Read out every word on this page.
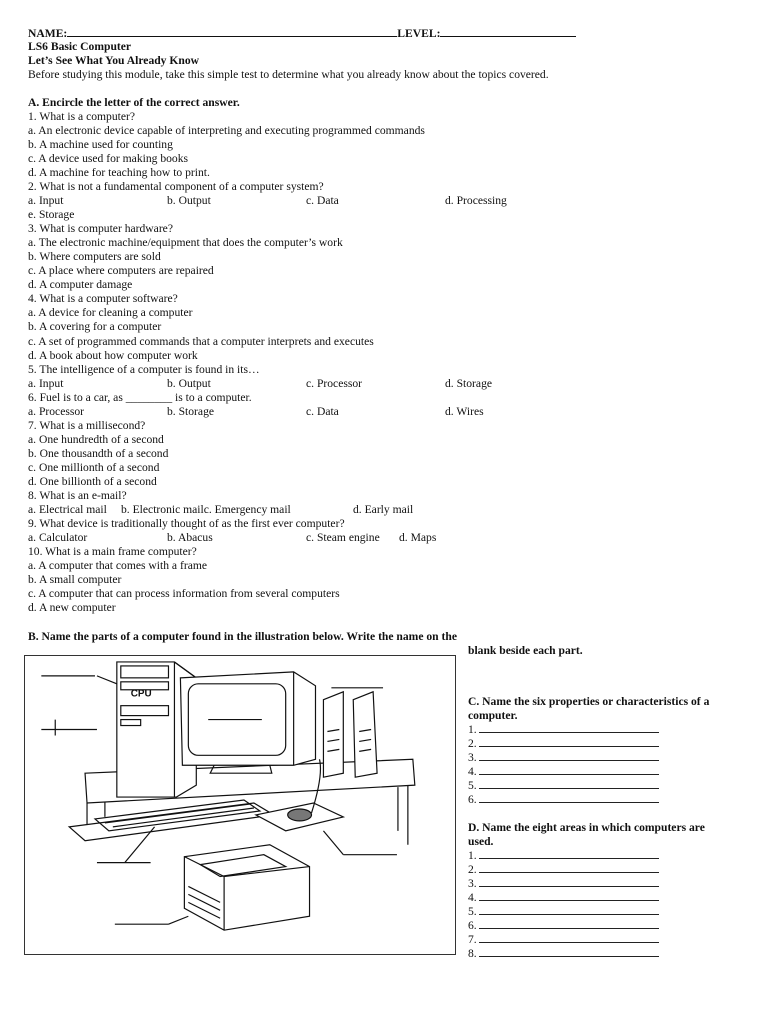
NAME:	LEVEL:
LS6 Basic Computer
Let’s See What You Already Know
Before studying this module, take this simple test to determine what you already know about the topics covered.
A. Encircle the letter of the correct answer.
1. What is a computer?
a. An electronic device capable of interpreting and executing programmed commands
b. A machine used for counting
c. A device used for making books
d. A machine for teaching how to print.
2. What is not a fundamental component of a computer system?
a. Input	b. Output	c. Data	d. Processing
e. Storage
3. What is computer hardware?
a. The electronic machine/equipment that does the computer’s work
b. Where computers are sold
c. A place where computers are repaired
d. A computer damage
4. What is a computer software?
a. A device for cleaning a computer
b. A covering for a computer
c. A set of programmed commands that a computer interprets and executes
d. A book about how computer work
5. The intelligence of a computer is found in its…
a. Input	b. Output	c. Processor	d. Storage
6. Fuel is to a car, as ________ is to a computer.
a. Processor	b. Storage	c. Data	d. Wires
7. What is a millisecond?
a. One hundredth of a second
b. One thousandth of a second
c. One millionth of a second
d. One billionth of a second
8. What is an e-mail?
a. Electrical mail b. Electronic mailc. Emergency mail	d. Early mail
9. What device is traditionally thought of as the first ever computer?
a. Calculator	b. Abacus	c. Steam engine d. Maps
10. What is a main frame computer?
a. A computer that comes with a frame
b. A small computer
c. A computer that can process information from several computers
d. A new computer
B. Name the parts of a computer found in the illustration below. Write the name on the
blank beside each part.
CPU
C. Name the six properties or characteristics of a
computer.
1.
2.
3.
4.
5.
6.
D. Name the eight areas in which computers are
used.
1.
2.
3.
4.
5.
6.
7.
8.
